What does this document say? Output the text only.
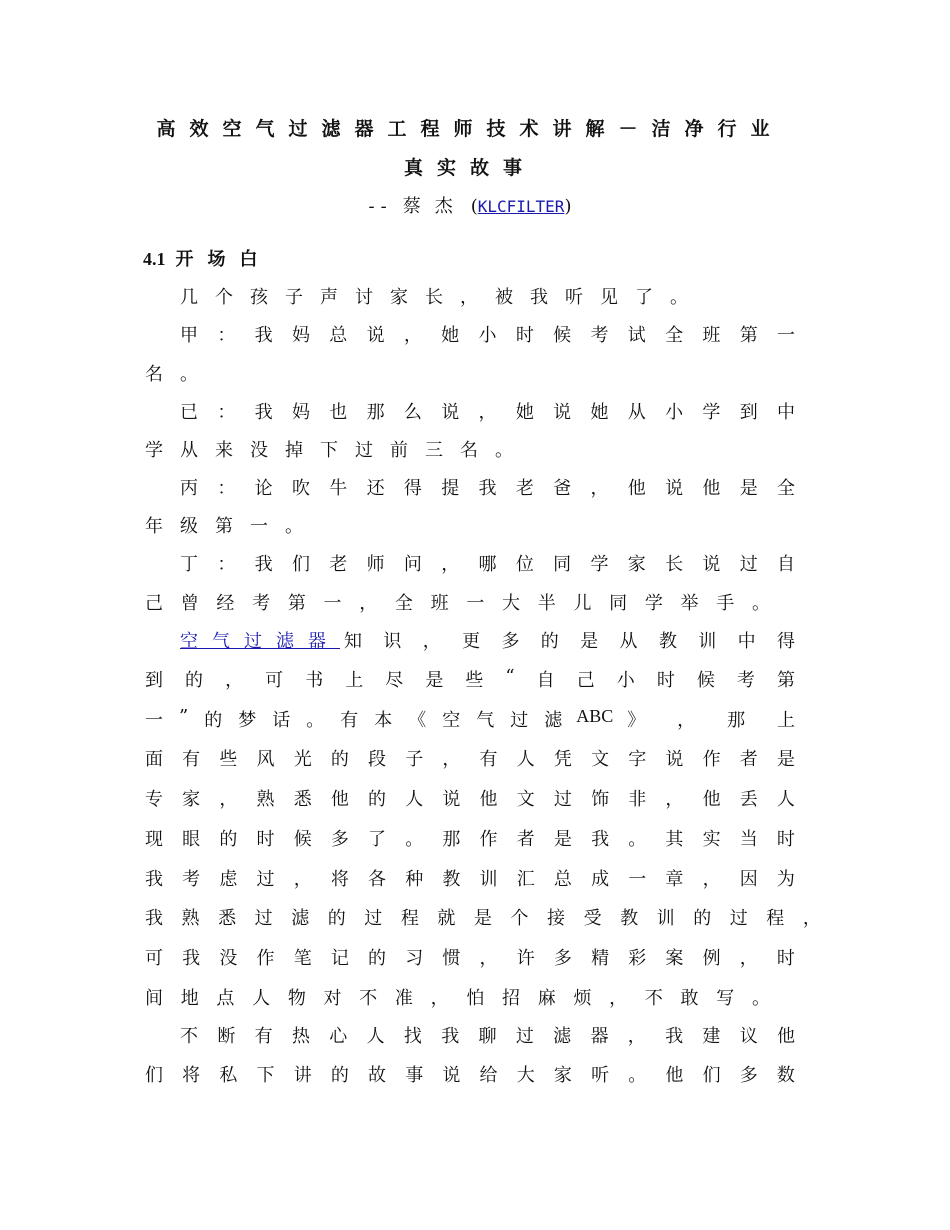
高效空气过滤器工程师技术讲解－洁净行业
真实故事
-- 蔡杰 (KLCFILTER)
4.1 开场白
几 个 孩 子 声 讨 家 长 ， 被 我 听 见 了 。
甲 ： 我 妈 总 说 ， 她 小 时 候 考 试 全 班 第 一
名 。
已 ： 我 妈 也 那 么 说 ， 她 说 她 从 小 学 到 中
学 从 来 没 掉 下 过 前 三 名 。
丙 ： 论 吹 牛 还 得 提 我 老 爸 ， 他 说 他 是 全
年 级 第 一 。
丁 ： 我 们 老 师 问 ， 哪 位 同 学 家 长 说 过 自
己 曾 经 考 第 一 ， 全 班 一 大 半 儿 同 学 举 手 。
空气过滤器 知 识 ， 更 多 的 是 从 教 训 中 得
到 的 ， 可 书 上 尽 是 些 “ 自 己 小 时 候 考 第
一 ” 的 梦 话 。 有 本 《 空 气 过 滤 ABC 》 ， 那 上
面 有 些 风 光 的 段 子 ， 有 人 凭 文 字 说 作 者 是
专 家 ， 熟 悉 他 的 人 说 他 文 过 饰 非 ， 他 丢 人
现 眼 的 时 候 多 了 。 那 作 者 是 我 。 其 实 当 时
我 考 虑 过 ， 将 各 种 教 训 汇 总 成 一 章 ， 因 为
我 熟 悉 过 滤 的 过 程 就 是 个 接 受 教 训 的 过 程 ，
可 我 没 作 笔 记 的 习 惯 ， 许 多 精 彩 案 例 ， 时
间 地 点 人 物 对 不 准 ， 怕 招 麻 烦 ， 不 敢 写 。
不 断 有 热 心 人 找 我 聊 过 滤 器 ， 我 建 议 他
们 将 私 下 讲 的 故 事 说 给 大 家 听 。 他 们 多 数
